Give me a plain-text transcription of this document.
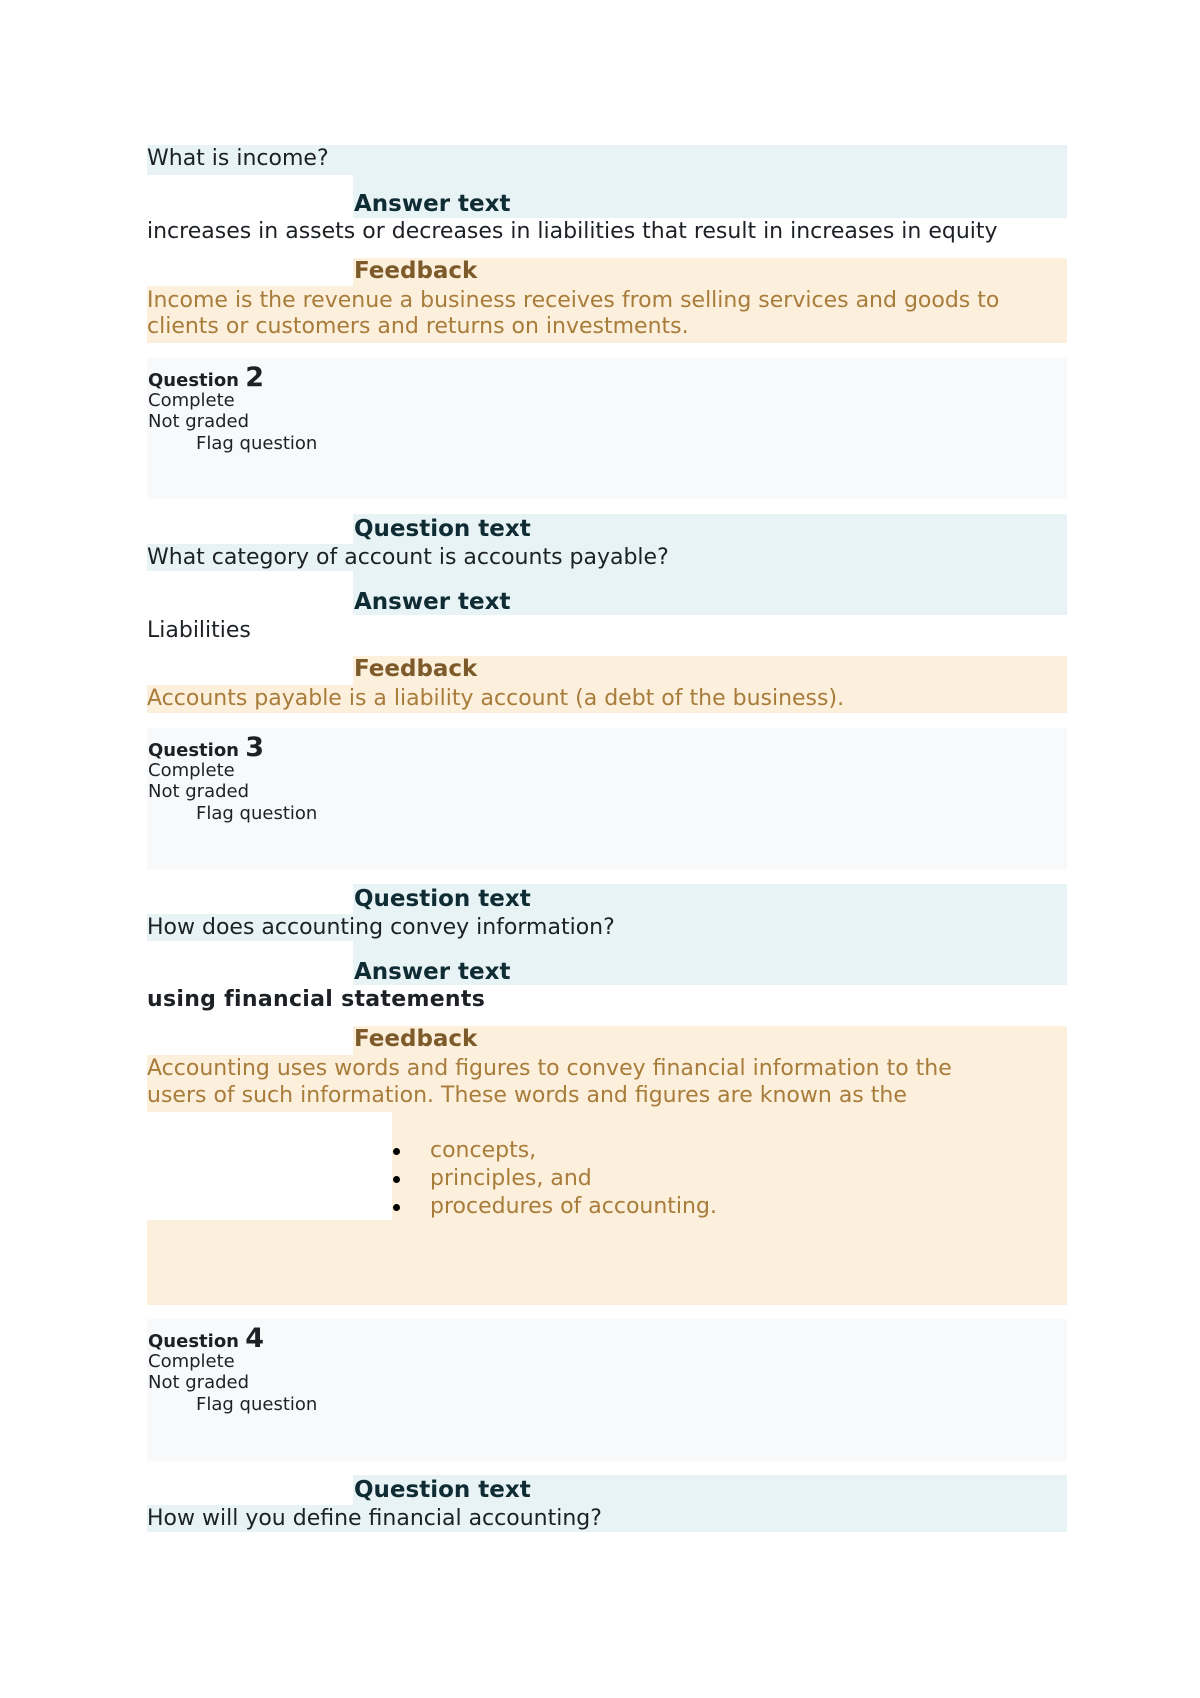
What is income?
Answer text
increases in assets or decreases in liabilities that result in increases in equity
Feedback
Income is the revenue a business receives from selling services and goods to
clients or customers and returns on investments.
Question 2
Complete
Not graded
Flag question
Question text
What category of account is accounts payable?
Answer text
Liabilities
Feedback
Accounts payable is a liability account (a debt of the business).
Question 3
Complete
Not graded
Flag question
Question text
How does accounting convey information?
Answer text
using financial statements
Feedback
Accounting uses words and figures to convey financial information to the
users of such information. These words and figures are known as the
concepts,
principles, and
procedures of accounting.
Question 4
Complete
Not graded
Flag question
Question text
How will you define financial accounting?
